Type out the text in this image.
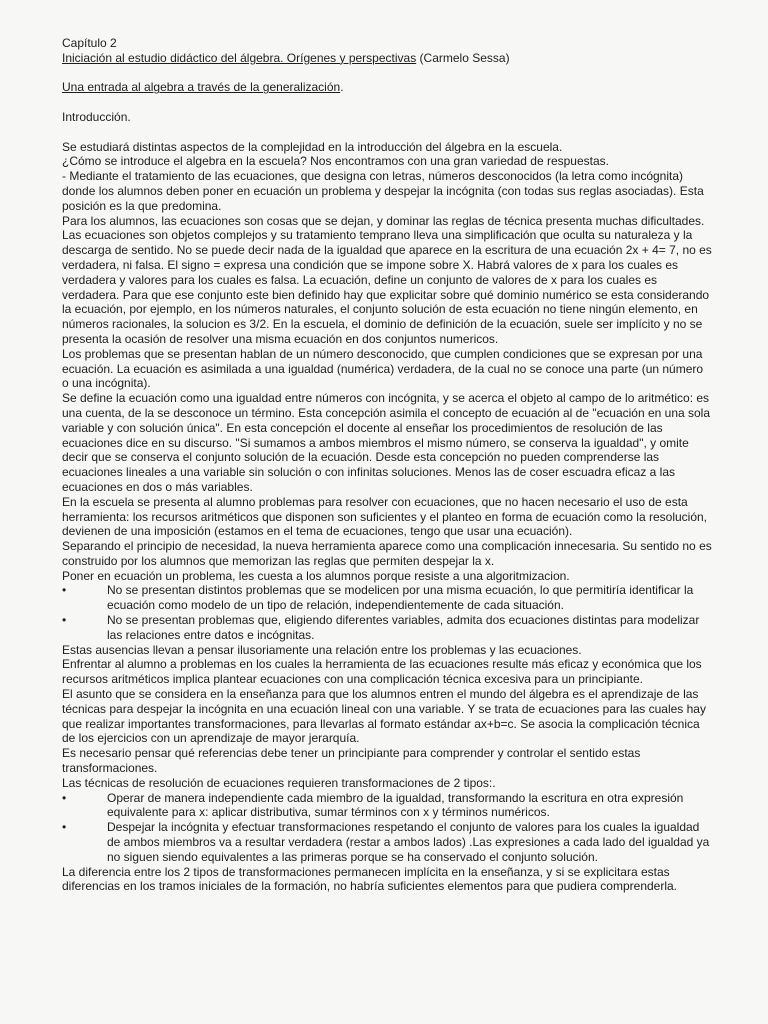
Capítulo 2

Iniciación al estudio didáctico del álgebra. Orígenes y perspectivas (Carmelo Sessa)

Una entrada al algebra a través de la generalización.

Introducción.

Se estudiará distintas aspectos de la complejidad en la introducción del álgebra en la escuela.

¿Cómo se introduce el algebra en la escuela? Nos encontramos con una gran variedad de respuestas.

- Mediante el tratamiento de las ecuaciones, que designa con letras, números desconocidos (la letra como incógnita) donde los alumnos deben poner en ecuación un problema y despejar la incógnita (con todas sus reglas asociadas). Esta posición es la que predomina.

Para los alumnos, las ecuaciones son cosas que se dejan, y dominar las reglas de técnica presenta muchas dificultades.

Las ecuaciones son objetos complejos y su tratamiento temprano lleva una simplificación que oculta su naturaleza y la descarga de sentido. No se puede decir nada de la igualdad que aparece en la escritura de una ecuación 2x + 4= 7, no es verdadera, ni falsa. El signo = expresa una condición que se impone sobre X. Habrá valores de x para los cuales es verdadera y valores para los cuales es falsa. La ecuación, define un conjunto de valores de x para los cuales es verdadera. Para que ese conjunto este bien definido hay que explicitar sobre qué dominio numérico se esta considerando la ecuación, por ejemplo, en los números naturales, el conjunto solución de esta ecuación no tiene ningún elemento, en números racionales, la solucion es 3/2. En la escuela, el dominio de definición de la ecuación, suele ser implícito y no se presenta la ocasión de resolver una misma ecuación en dos conjuntos numericos.

Los problemas que se presentan hablan de un número desconocido, que cumplen condiciones que se expresan por una ecuación. La ecuación es asimilada a una igualdad (numérica) verdadera, de la cual no se conoce una parte (un número o una incógnita).

Se define la ecuación como una igualdad entre números con incógnita, y se acerca el objeto al campo de lo aritmético: es una cuenta, de la se desconoce un término. Esta concepción asimila el concepto de ecuación al de "ecuación en una sola variable y con solución única". En esta concepción el docente al enseñar los procedimientos de resolución de las ecuaciones dice en su discurso. "Si sumamos a ambos miembros el mismo número, se conserva la igualdad", y omite decir que se conserva el conjunto solución de la ecuación. Desde esta concepción no pueden comprenderse las ecuaciones lineales a una variable sin solución o con infinitas soluciones. Menos las de coser escuadra eficaz a las ecuaciones en dos o más variables.

En la escuela se presenta al alumno problemas para resolver con ecuaciones, que no hacen necesario el uso de esta herramienta: los recursos aritméticos que disponen son suficientes y el planteo en forma de ecuación como la resolución, devienen de una imposición (estamos en el tema de ecuaciones, tengo que usar una ecuación).

Separando el principio de necesidad, la nueva herramienta aparece como una complicación innecesaria. Su sentido no es construido por los alumnos que memorizan las reglas que permiten despejar la x.

Poner en ecuación un problema, les cuesta a los alumnos porque resiste a una algoritmizacion.

•	No se presentan distintos problemas que se modelicen por una misma ecuación, lo que permitiría identificar la ecuación como modelo de un tipo de relación, independientemente de cada situación.
•	No se presentan problemas que, eligiendo diferentes variables, admita dos ecuaciones distintas para modelizar las relaciones entre datos e incógnitas.

Estas ausencias llevan a pensar ilusoriamente una relación entre los problemas y las ecuaciones.

Enfrentar al alumno a problemas en los cuales la herramienta de las ecuaciones resulte más eficaz y económica que los recursos aritméticos implica plantear ecuaciones con una complicación técnica excesiva para un principiante.

El asunto que se considera en la enseñanza para que los alumnos entren el mundo del álgebra es el aprendizaje de las técnicas para despejar la incógnita en una ecuación lineal con una variable. Y se trata de ecuaciones para las cuales hay que realizar importantes transformaciones, para llevarlas al formato estándar ax+b=c. Se asocia la complicación técnica de los ejercicios con un aprendizaje de mayor jerarquía.

Es necesario pensar qué referencias debe tener un principiante para comprender y controlar el sentido estas transformaciones.

Las técnicas de resolución de ecuaciones requieren transformaciones de 2 tipos:.

•	Operar de manera independiente cada miembro de la igualdad, transformando la escritura en otra expresión equivalente para x: aplicar distributiva, sumar términos con x y términos numéricos.
•	Despejar la incógnita y efectuar transformaciones respetando el conjunto de valores para los cuales la igualdad de ambos miembros va a resultar verdadera (restar a ambos lados) .Las expresiones a cada lado del igualdad ya no siguen siendo equivalentes a las primeras porque se ha conservado el conjunto solución.

La diferencia entre los 2 tipos de transformaciones permanecen implícita en la enseñanza, y si se explicitara estas diferencias en los tramos iniciales de la formación, no habría suficientes elementos para que pudiera comprenderla.
